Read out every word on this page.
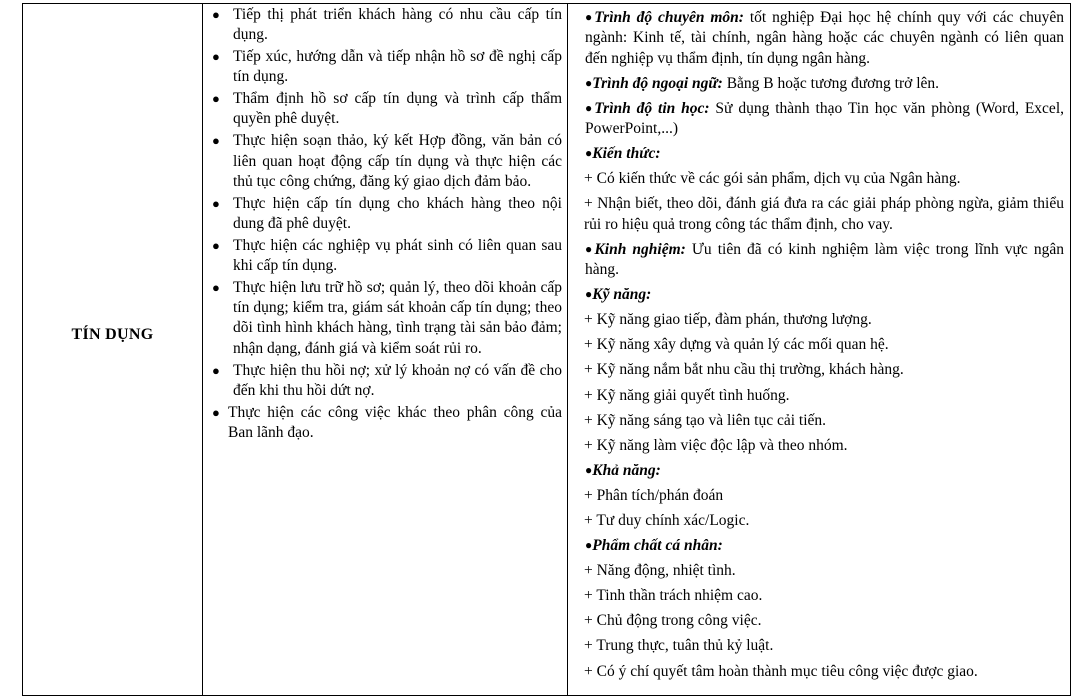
TÍN DỤNG
● Tiếp thị phát triển khách hàng có nhu cầu cấp tín dụng.
● Tiếp xúc, hướng dẫn và tiếp nhận hồ sơ đề nghị cấp tín dụng.
● Thẩm định hồ sơ cấp tín dụng và trình cấp thẩm quyền phê duyệt.
● Thực hiện soạn thảo, ký kết Hợp đồng, văn bản có liên quan hoạt động cấp tín dụng và thực hiện các thủ tục công chứng, đăng ký giao dịch đảm bảo.
● Thực hiện cấp tín dụng cho khách hàng theo nội dung đã phê duyệt.
● Thực hiện các nghiệp vụ phát sinh có liên quan sau khi cấp tín dụng.
● Thực hiện lưu trữ hồ sơ; quản lý, theo dõi khoản cấp tín dụng; kiểm tra, giám sát khoản cấp tín dụng; theo dõi tình hình khách hàng, tình trạng tài sản bảo đảm; nhận dạng, đánh giá và kiểm soát rủi ro.
● Thực hiện thu hồi nợ; xử lý khoản nợ có vấn đề cho đến khi thu hồi dứt nợ.
● Thực hiện các công việc khác theo phân công của Ban lãnh đạo.

●Trình độ chuyên môn: tốt nghiệp Đại học hệ chính quy với các chuyên ngành: Kinh tế, tài chính, ngân hàng hoặc các chuyên ngành có liên quan đến nghiệp vụ thẩm định, tín dụng ngân hàng.

●Trình độ ngoại ngữ: Bằng B hoặc tương đương trở lên.

●Trình độ tin học: Sử dụng thành thạo Tin học văn phòng (Word, Excel, PowerPoint,...)

●Kiến thức:

+ Có kiến thức về các gói sản phẩm, dịch vụ của Ngân hàng.

+ Nhận biết, theo dõi, đánh giá đưa ra các giải pháp phòng ngừa, giảm thiểu rủi ro hiệu quả trong công tác thẩm định, cho vay.

●Kinh nghiệm: Ưu tiên đã có kinh nghiệm làm việc trong lĩnh vực ngân hàng.

●Kỹ năng:

+ Kỹ năng giao tiếp, đàm phán, thương lượng.

+ Kỹ năng xây dựng và quản lý các mối quan hệ.

+ Kỹ năng nắm bắt nhu cầu thị trường, khách hàng.

+ Kỹ năng giải quyết tình huống.

+ Kỹ năng sáng tạo và liên tục cải tiến.

+ Kỹ năng làm việc độc lập và theo nhóm.

●Khả năng:

+ Phân tích/phán đoán

+ Tư duy chính xác/Logic.

●Phẩm chất cá nhân:

+ Năng động, nhiệt tình.

+ Tinh thần trách nhiệm cao.

+ Chủ động trong công việc.

+ Trung thực, tuân thủ kỷ luật.

+ Có ý chí quyết tâm hoàn thành mục tiêu công việc được giao.
